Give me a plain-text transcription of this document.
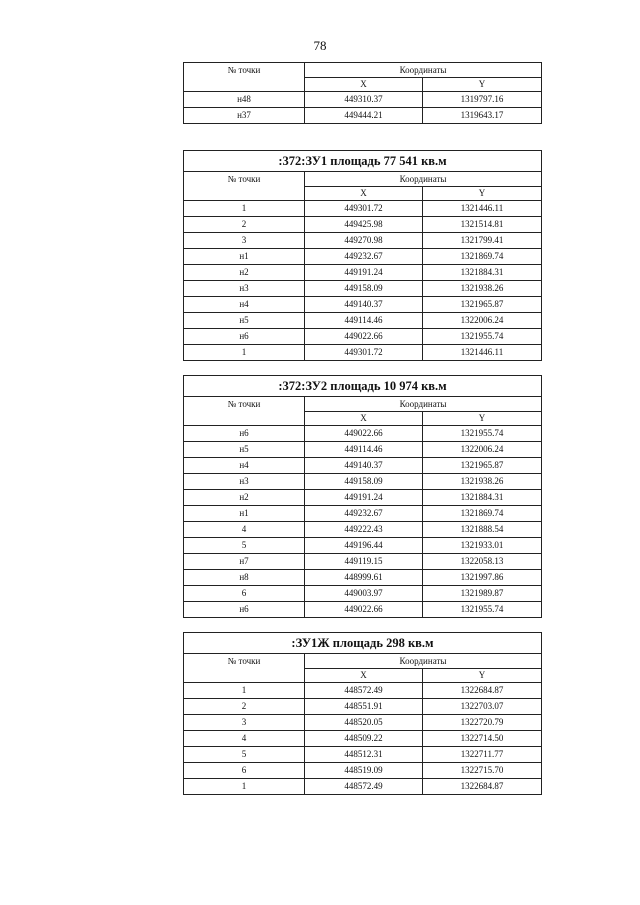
78
№ точки	Координаты	
	X	Y
н48	449310.37	1319797.16
н37	449444.21	1319643.17
:372:ЗУ1 площадь 77 541 кв.м		
№ точки	Координаты	
	X	Y
1	449301.72	1321446.11
2	449425.98	1321514.81
3	449270.98	1321799.41
н1	449232.67	1321869.74
н2	449191.24	1321884.31
н3	449158.09	1321938.26
н4	449140.37	1321965.87
н5	449114.46	1322006.24
н6	449022.66	1321955.74
1	449301.72	1321446.11
:372:ЗУ2 площадь 10 974 кв.м		
№ точки	Координаты	
	X	Y
н6	449022.66	1321955.74
н5	449114.46	1322006.24
н4	449140.37	1321965.87
н3	449158.09	1321938.26
н2	449191.24	1321884.31
н1	449232.67	1321869.74
4	449222.43	1321888.54
5	449196.44	1321933.01
н7	449119.15	1322058.13
н8	448999.61	1321997.86
6	449003.97	1321989.87
н6	449022.66	1321955.74
:ЗУ1Ж площадь 298 кв.м		
№ точки	Координаты	
	X	Y
1	448572.49	1322684.87
2	448551.91	1322703.07
3	448520.05	1322720.79
4	448509.22	1322714.50
5	448512.31	1322711.77
6	448519.09	1322715.70
1	448572.49	1322684.87
